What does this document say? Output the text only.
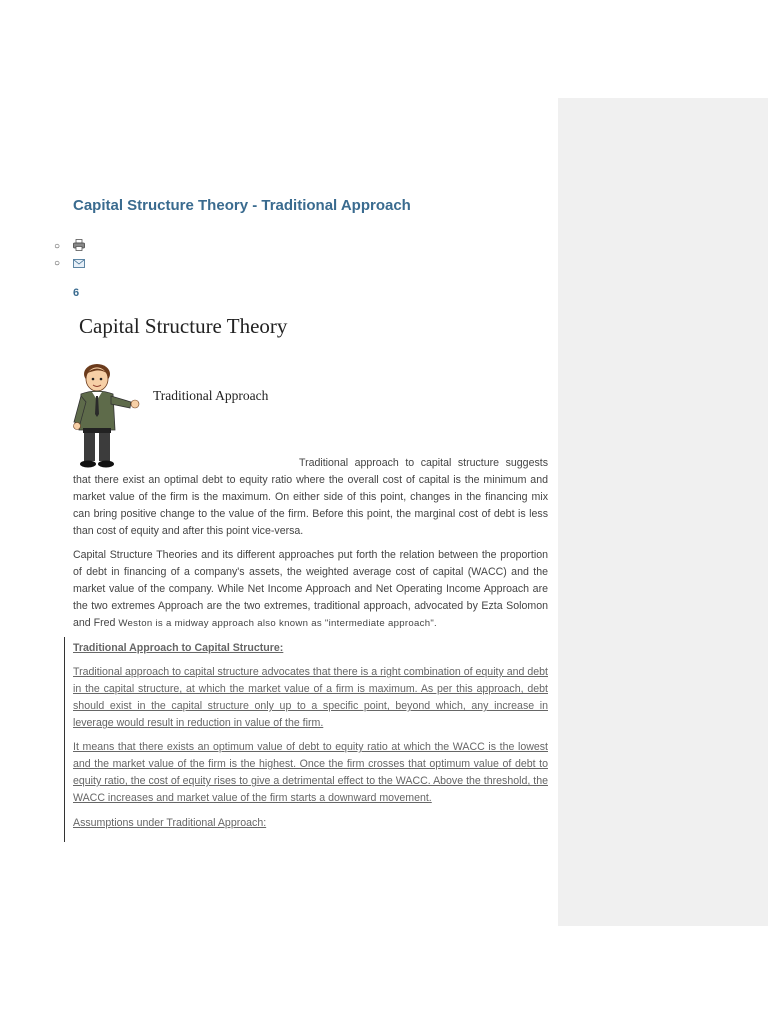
Capital Structure Theory - Traditional Approach
○
○
6

Capital Structure Theory

Traditional Approach

Traditional approach to capital structure suggests that there exist an optimal debt to equity ratio where the overall cost of capital is the minimum and market value of the firm is the maximum. On either side of this point, changes in the financing mix can bring positive change to the value of the firm. Before this point, the marginal cost of debt is less than cost of equity and after this point vice-versa.

Capital Structure Theories and its different approaches put forth the relation between the proportion of debt in financing of a company's assets, the weighted average cost of capital (WACC) and the market value of the company. While Net Income Approach and Net Operating Income Approach are the two extremes Approach are the two extremes, traditional approach, advocated by Ezta Solomon and Fred Weston is a midway approach also known as "intermediate approach".

Traditional Approach to Capital Structure:

Traditional approach to capital structure advocates that there is a right combination of equity and debt in the capital structure, at which the market value of a firm is maximum. As per this approach, debt should exist in the capital structure only up to a specific point, beyond which, any increase in leverage would result in reduction in value of the firm.

It means that there exists an optimum value of debt to equity ratio at which the WACC is the lowest and the market value of the firm is the highest. Once the firm crosses that optimum value of debt to equity ratio, the cost of equity rises to give a detrimental effect to the WACC. Above the threshold, the WACC increases and market value of the firm starts a downward movement.

Assumptions under Traditional Approach:
